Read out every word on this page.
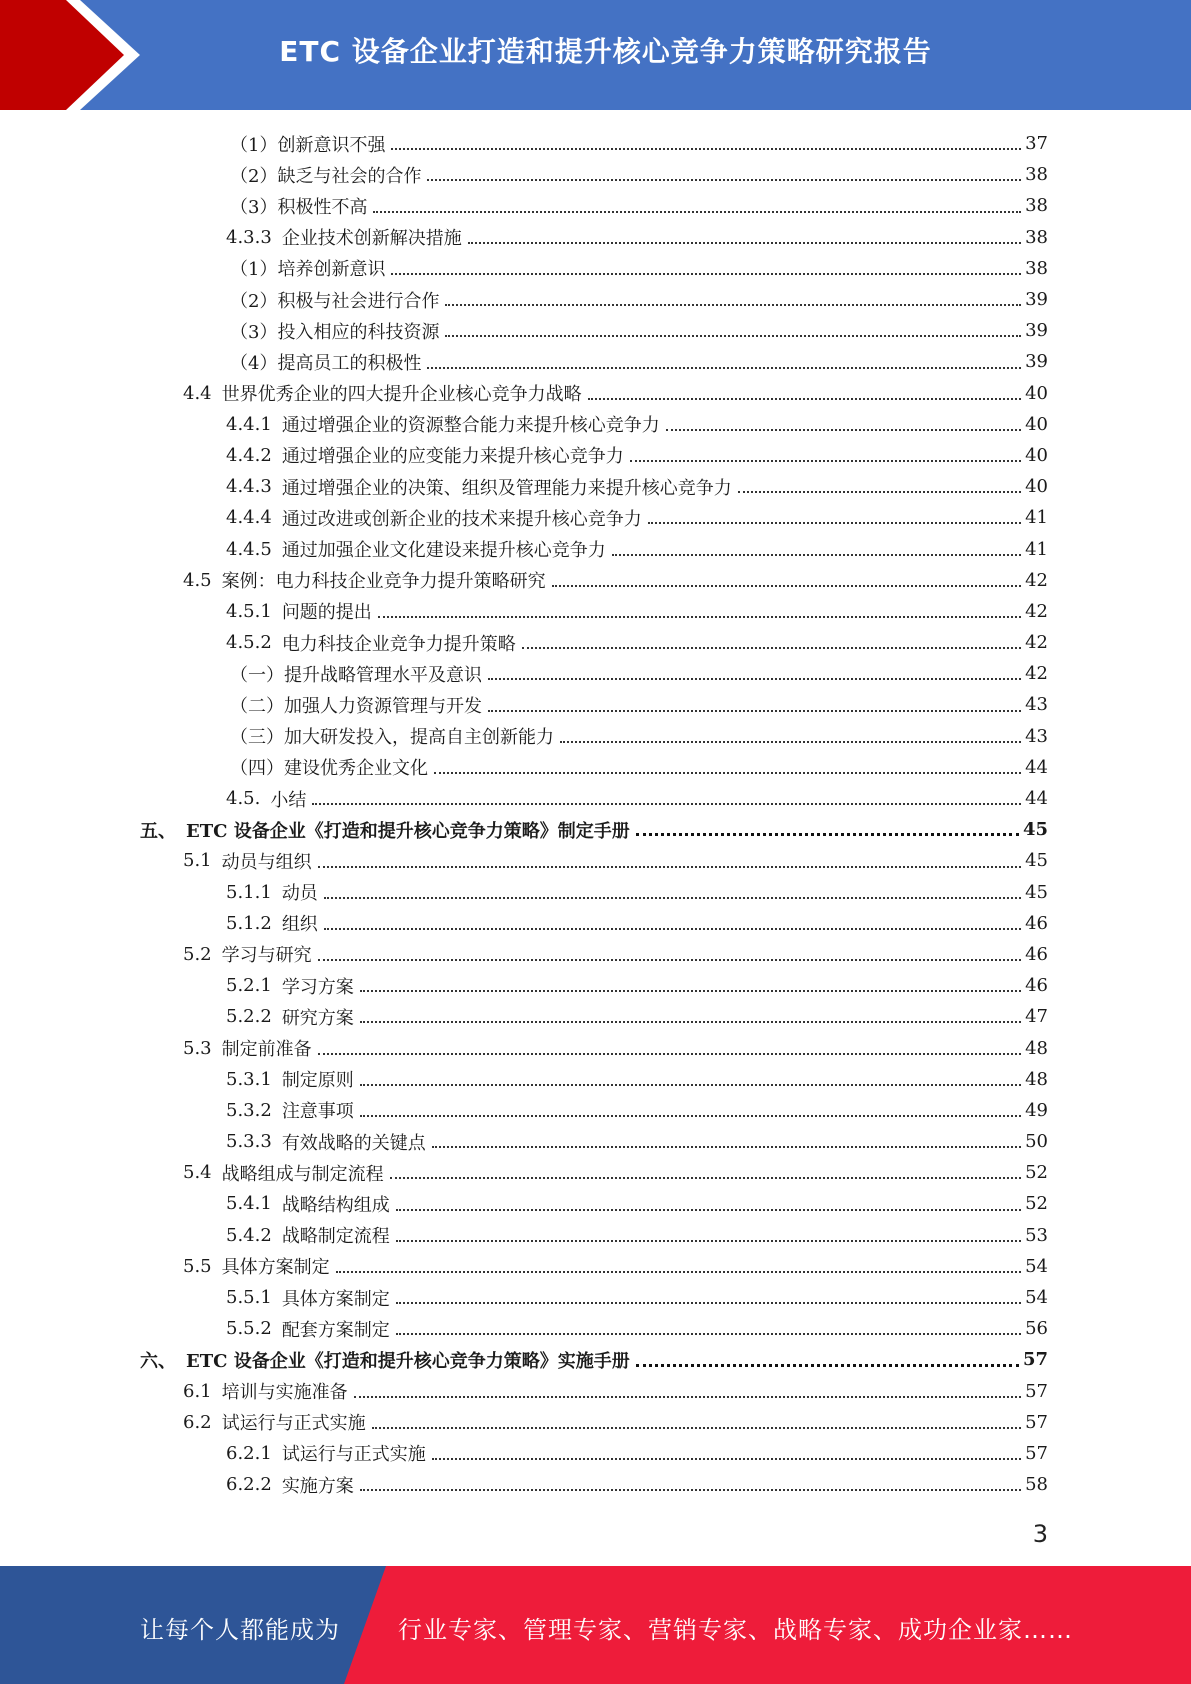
ETC 设备企业打造和提升核心竞争力策略研究报告
（1） 创新意识不强	37
（2） 缺乏与社会的合作	38
（3） 积极性不高	38
4.3.3 企业技术创新解决措施	38
（1） 培养创新意识	38
（2） 积极与社会进行合作	39
（3） 投入相应的科技资源	39
（4） 提高员工的积极性	39
4.4 世界优秀企业的四大提升企业核心竞争力战略	40
4.4.1 通过增强企业的资源整合能力来提升核心竞争力	40
4.4.2 通过增强企业的应变能力来提升核心竞争力	40
4.4.3 通过增强企业的决策、组织及管理能力来提升核心竞争力	40
4.4.4 通过改进或创新企业的技术来提升核心竞争力	41
4.4.5 通过加强企业文化建设来提升核心竞争力	41
4.5 案例：电力科技企业竞争力提升策略研究	42
4.5.1 问题的提出	42
4.5.2 电力科技企业竞争力提升策略	42
（一） 提升战略管理水平及意识	42
（二） 加强人力资源管理与开发	43
（三） 加大研发投入，提高自主创新能力	43
（四） 建设优秀企业文化	44
4.5. 小结	44
五、 ETC 设备企业《打造和提升核心竞争力策略》制定手册	45
5.1 动员与组织	45
5.1.1 动员	45
5.1.2 组织	46
5.2 学习与研究	46
5.2.1 学习方案	46
5.2.2 研究方案	47
5.3 制定前准备	48
5.3.1 制定原则	48
5.3.2 注意事项	49
5.3.3 有效战略的关键点	50
5.4 战略组成与制定流程	52
5.4.1 战略结构组成	52
5.4.2 战略制定流程	53
5.5 具体方案制定	54
5.5.1 具体方案制定	54
5.5.2 配套方案制定	56
六、 ETC 设备企业《打造和提升核心竞争力策略》实施手册	57
6.1 培训与实施准备	57
6.2 试运行与正式实施	57
6.2.1 试运行与正式实施	57
6.2.2 实施方案	58
3
让每个人都能成为 行业专家、管理专家、营销专家、战略专家、成功企业家……
